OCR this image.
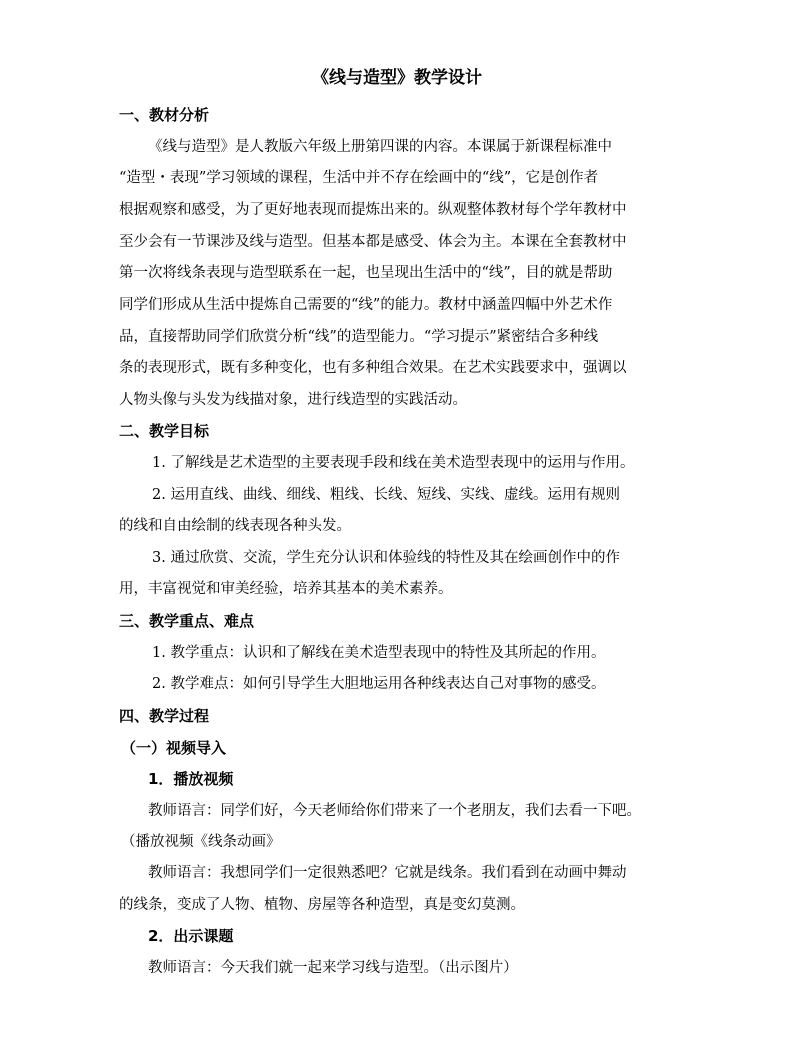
《线与造型》教学设计
一、教材分析
《线与造型》是人教版六年级上册第四课的内容。本课属于新课程标准中
“造型・表现”学习领域的课程，生活中并不存在绘画中的“线”，它是创作者
根据观察和感受，为了更好地表现而提炼出来的。纵观整体教材每个学年教材中
至少会有一节课涉及线与造型。但基本都是感受、体会为主。本课在全套教材中
第一次将线条表现与造型联系在一起，也呈现出生活中的“线”，目的就是帮助
同学们形成从生活中提炼自己需要的“线”的能力。教材中涵盖四幅中外艺术作
品，直接帮助同学们欣赏分析“线”的造型能力。“学习提示”紧密结合多种线
条的表现形式，既有多种变化，也有多种组合效果。在艺术实践要求中，强调以
人物头像与头发为线描对象，进行线造型的实践活动。
二、教学目标
1. 了解线是艺术造型的主要表现手段和线在美术造型表现中的运用与作用。
2. 运用直线、曲线、细线、粗线、长线、短线、实线、虚线。运用有规则
的线和自由绘制的线表现各种头发。
3. 通过欣赏、交流，学生充分认识和体验线的特性及其在绘画创作中的作
用，丰富视觉和审美经验，培养其基本的美术素养。
三、教学重点、难点
1. 教学重点：认识和了解线在美术造型表现中的特性及其所起的作用。
2. 教学难点：如何引导学生大胆地运用各种线表达自己对事物的感受。
四、教学过程
（一）视频导入
1．播放视频
教师语言：同学们好，今天老师给你们带来了一个老朋友，我们去看一下吧。
（播放视频《线条动画》
教师语言：我想同学们一定很熟悉吧？它就是线条。我们看到在动画中舞动
的线条，变成了人物、植物、房屋等各种造型，真是变幻莫测。
2．出示课题
教师语言：今天我们就一起来学习线与造型。（出示图片）
